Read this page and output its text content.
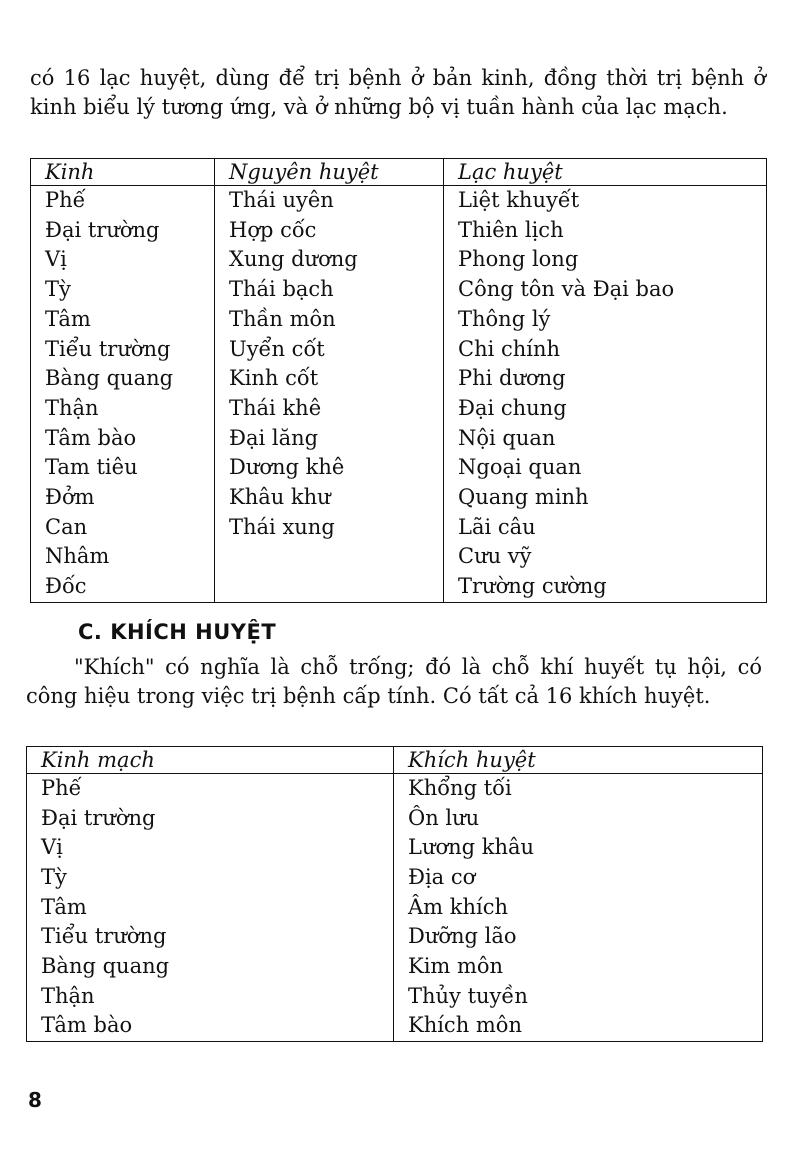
có 16 lạc huyệt, dùng để trị bệnh ở bản kinh, đồng thời trị bệnh ở kinh biểu lý tương ứng, và ở những bộ vị tuần hành của lạc mạch.

Kinh	Nguyên huyệt	Lạc huyệt
Phế	Thái uyên	Liệt khuyết
Đại trường	Hợp cốc	Thiên lịch
Vị	Xung dương	Phong long
Tỳ	Thái bạch	Công tôn và Đại bao
Tâm	Thần môn	Thông lý
Tiểu trường	Uyển cốt	Chi chính
Bàng quang	Kinh cốt	Phi dương
Thận	Thái khê	Đại chung
Tâm bào	Đại lăng	Nội quan
Tam tiêu	Dương khê	Ngoại quan
Đởm	Khâu khư	Quang minh
Can	Thái xung	Lãi câu
Nhâm		Cưu vỹ
Đốc		Trường cường
C. KHÍCH HUYỆT

"Khích" có nghĩa là chỗ trống; đó là chỗ khí huyết tụ hội, có công hiệu trong việc trị bệnh cấp tính. Có tất cả 16 khích huyệt.

Kinh mạch	Khích huyệt
Phế	Khổng tối
Đại trường	Ôn lưu
Vị	Lương khâu
Tỳ	Địa cơ
Tâm	Âm khích
Tiểu trường	Dưỡng lão
Bàng quang	Kim môn
Thận	Thủy tuyền
Tâm bào	Khích môn

8
